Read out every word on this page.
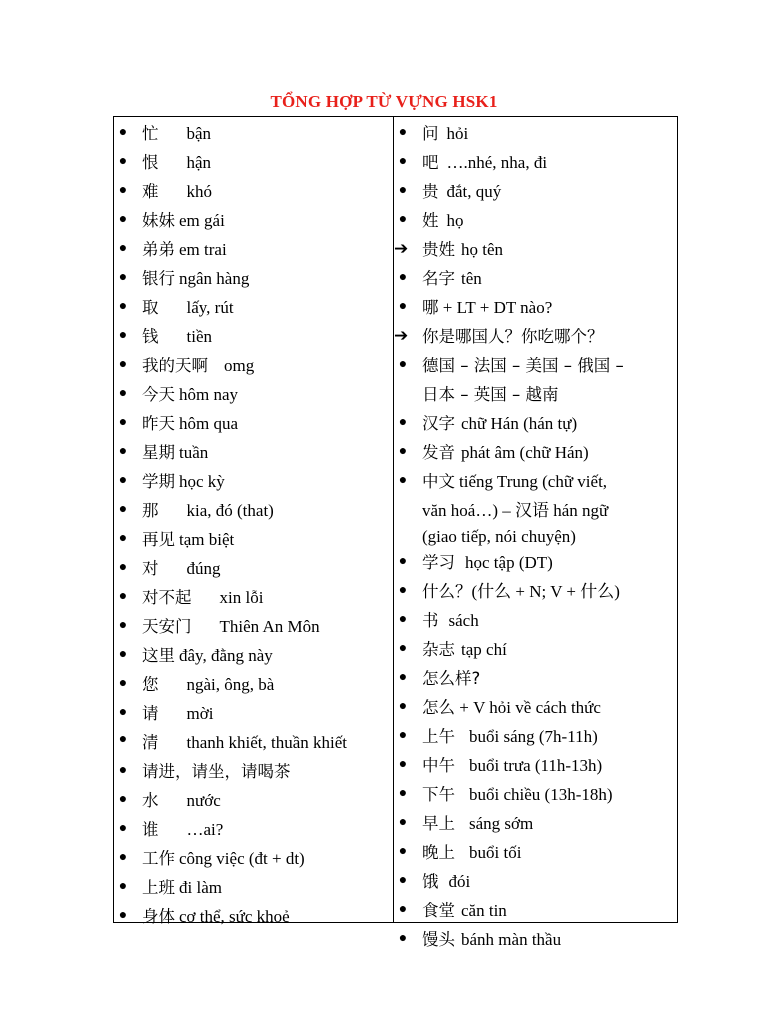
TỔNG HỢP TỪ VỰNG HSK1
● 忙 bận
● 恨 hận
● 难 khó
● 妹妹 em gái
● 弟弟 em trai
● 银行 ngân hàng
● 取 lấy, rút
● 钱 tiền
● 我的天啊 omg
● 今天 hôm nay
● 昨天 hôm qua
● 星期 tuần
● 学期 học kỳ
● 那 kia, đó (that)
● 再见 tạm biệt
● 对 đúng
● 对不起 xin lỗi
● 天安门 Thiên An Môn
● 这里 đây, đằng này
● 您 ngài, ông, bà
● 请 mời
● 清 thanh khiết, thuần khiết
● 请进，请坐，请喝茶
● 水 nước
● 谁 …ai?
● 工作 công việc (đt + dt)
● 上班 đi làm
● 身体 cơ thể, sức khoẻ
● 问 hỏi
● 吧 ….nhé, nha, đi
● 贵 đắt, quý
● 姓 họ
➔ 贵姓 họ tên
● 名字 tên
● 哪 + LT + DT nào?
➔ 你是哪国人？你吃哪个？
● 德国 – 法国 – 美国 – 俄国 –
日本 – 英国 – 越南
● 汉字 chữ Hán (hán tự)
● 发音 phát âm (chữ Hán)
● 中文 tiếng Trung (chữ viết,
văn hoá…) – 汉语 hán ngữ
(giao tiếp, nói chuyện)
● 学习 học tập (DT)
● 什么？(什么 + N; V + 什么)
● 书 sách
● 杂志 tạp chí
● 怎么样?
● 怎么 + V hỏi về cách thức
● 上午 buổi sáng (7h-11h)
● 中午 buổi trưa (11h-13h)
● 下午 buổi chiều (13h-18h)
● 早上 sáng sớm
● 晚上 buổi tối
● 饿 đói
● 食堂 căn tin
● 馒头 bánh màn thầu
